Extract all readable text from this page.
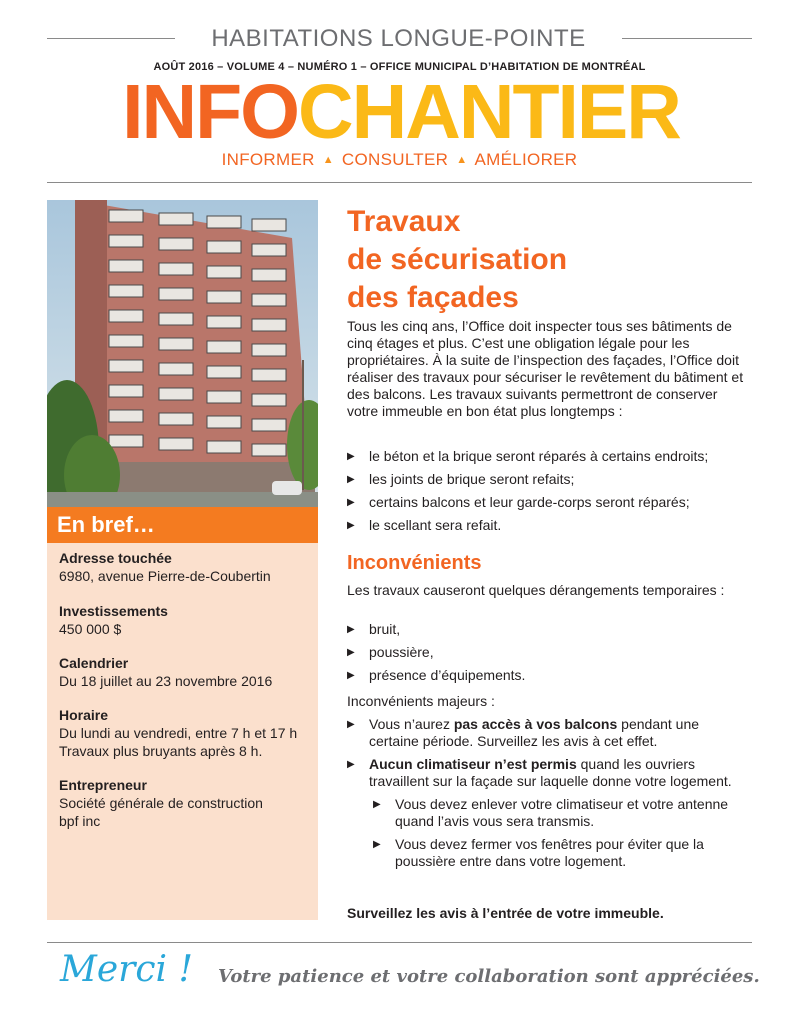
HABITATIONS LONGUE-POINTE
AOÛT 2016 – VOLUME 4 – NUMÉRO 1 – OFFICE MUNICIPAL D’HABITATION DE MONTRÉAL
INFOCHANTIER
INFORMER ▲ CONSULTER ▲ AMÉLIORER
En bref…
Adresse touchée
6980, avenue Pierre-de-Coubertin
Investissements
450 000 $
Calendrier
Du 18 juillet au 23 novembre 2016
Horaire
Du lundi au vendredi, entre 7 h et 17 h
Travaux plus bruyants après 8 h.
Entrepreneur
Société générale de construction
bpf inc
Travaux
de sécurisation
des façades
Tous les cinq ans, l’Office doit inspecter tous ses bâtiments de cinq étages et plus. C’est une obligation légale pour les propriétaires. À la suite de l’inspection des façades, l’Office doit réaliser des travaux pour sécuriser le revêtement du bâtiment et des balcons. Les travaux suivants permettront de conserver votre immeuble en bon état plus longtemps :
▶ le béton et la brique seront réparés à certains endroits;
▶ les joints de brique seront refaits;
▶ certains balcons et leur garde-corps seront réparés;
▶ le scellant sera refait.
Inconvénients
Les travaux causeront quelques dérangements temporaires :
▶ bruit,
▶ poussière,
▶ présence d’équipements.
Inconvénients majeurs :
▶ Vous n’aurez pas accès à vos balcons pendant une certaine période. Surveillez les avis à cet effet.
▶ Aucun climatiseur n’est permis quand les ouvriers travaillent sur la façade sur laquelle donne votre logement.
▶ Vous devez enlever votre climatiseur et votre antenne quand l’avis vous sera transmis.
▶ Vous devez fermer vos fenêtres pour éviter que la poussière entre dans votre logement.
Surveillez les avis à l’entrée de votre immeuble.
Merci ! Votre patience et votre collaboration sont appréciées.
